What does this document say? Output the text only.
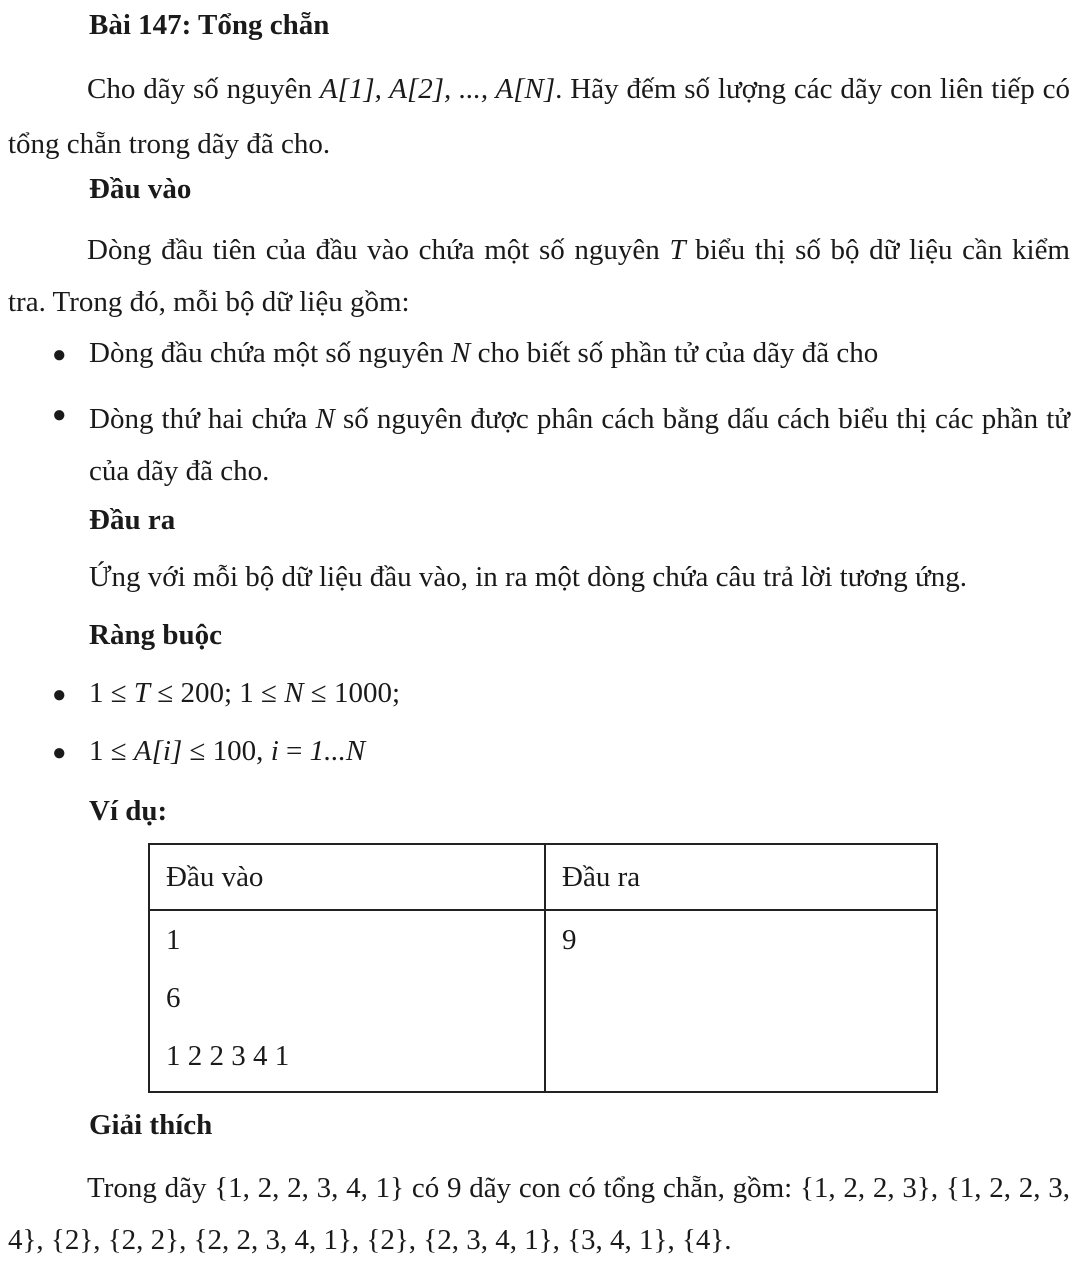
Bài 147: Tổng chẵn
Cho dãy số nguyên A[1], A[2], ..., A[N]. Hãy đếm số lượng các dãy con liên tiếp có tổng chẵn trong dãy đã cho.
Đầu vào
Dòng đầu tiên của đầu vào chứa một số nguyên T biểu thị số bộ dữ liệu cần kiểm tra. Trong đó, mỗi bộ dữ liệu gồm:
● Dòng đầu chứa một số nguyên N cho biết số phần tử của dãy đã cho
● Dòng thứ hai chứa N số nguyên được phân cách bằng dấu cách biểu thị các phần tử của dãy đã cho.
Đầu ra
Ứng với mỗi bộ dữ liệu đầu vào, in ra một dòng chứa câu trả lời tương ứng.
Ràng buộc
● 1 ≤ T ≤ 200; 1 ≤ N ≤ 1000;
● 1 ≤ A[i] ≤ 100, i = 1...N
Ví dụ:
Đầu vào	Đầu ra

1
6
1 2 2 3 4 1	9
Giải thích
Trong dãy {1, 2, 2, 3, 4, 1} có 9 dãy con có tổng chẵn, gồm: {1, 2, 2, 3}, {1, 2, 2, 3, 4}, {2}, {2, 2}, {2, 2, 3, 4, 1}, {2}, {2, 3, 4, 1}, {3, 4, 1}, {4}.
